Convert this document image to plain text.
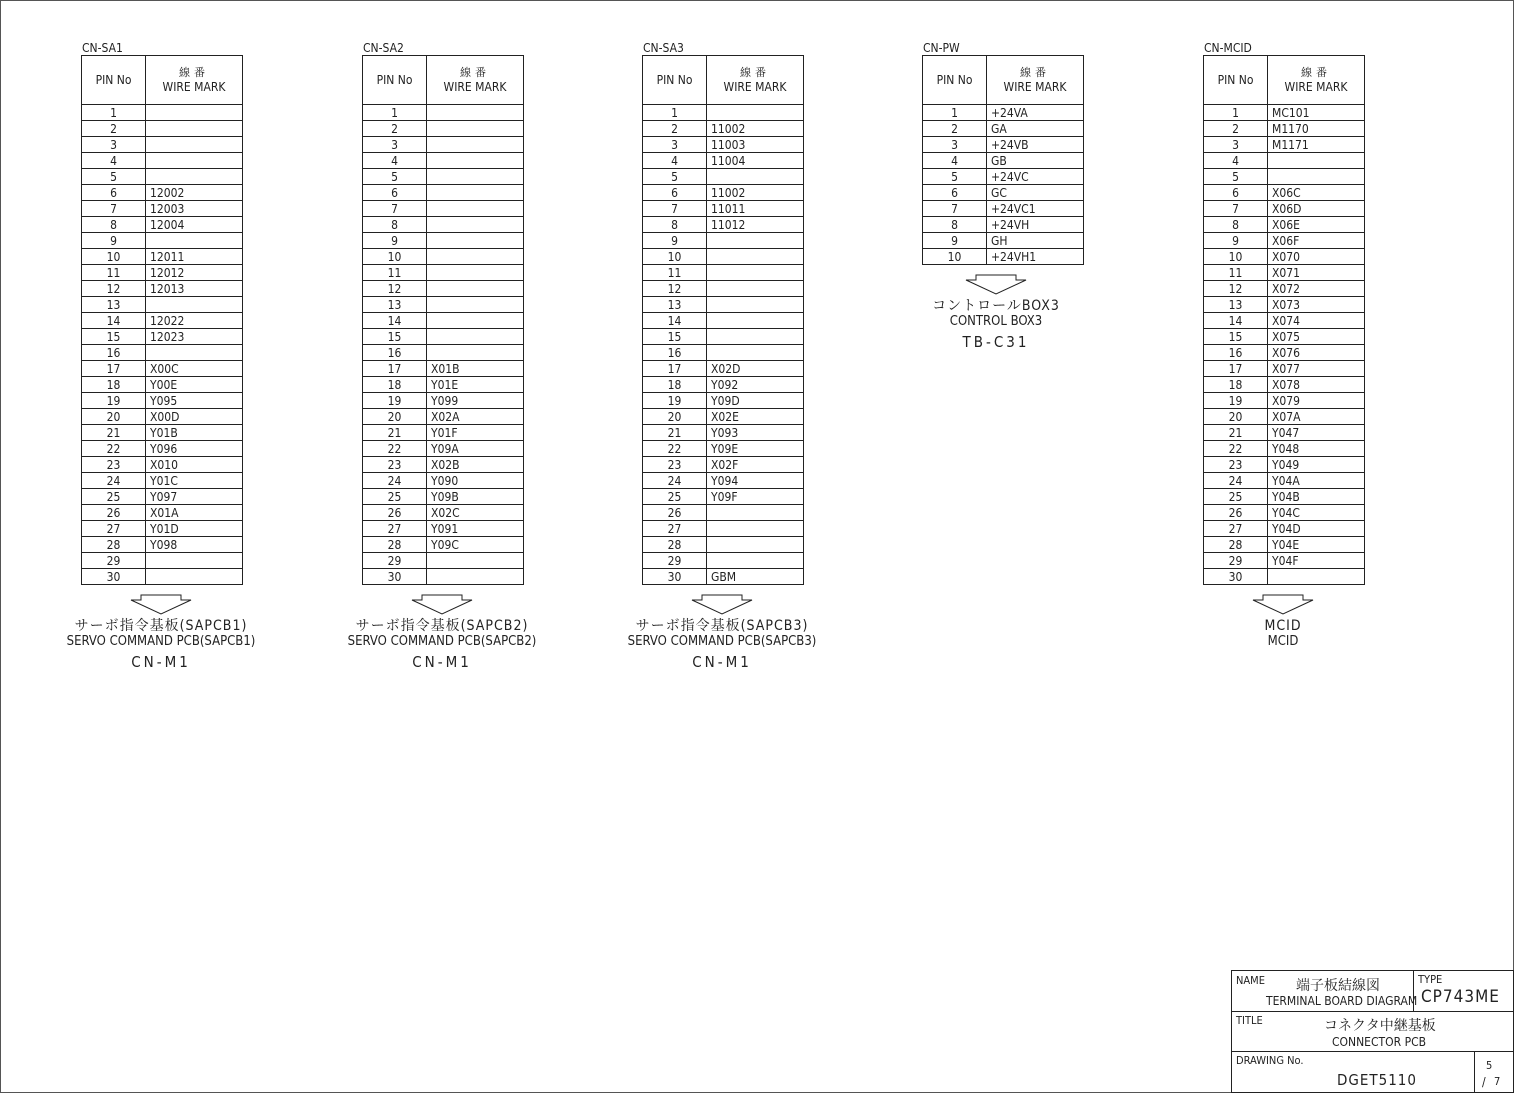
CN-SA1
PIN No	線番
WIRE MARK
1	
2	
3	
4	
5	
6	12002
7	12003
8	12004
9	
10	12011
11	12012
12	12013
13	
14	12022
15	12023
16	
17	X00C
18	Y00E
19	Y095
20	X00D
21	Y01B
22	Y096
23	X010
24	Y01C
25	Y097
26	X01A
27	Y01D
28	Y098
29	
30	
サーボ指令基板(SAPCB1)
SERVO COMMAND PCB(SAPCB1)
CN-M1
CN-SA2
PIN No	線番
WIRE MARK
1	
2	
3	
4	
5	
6	
7	
8	
9	
10	
11	
12	
13	
14	
15	
16	
17	X01B
18	Y01E
19	Y099
20	X02A
21	Y01F
22	Y09A
23	X02B
24	Y090
25	Y09B
26	X02C
27	Y091
28	Y09C
29	
30	
サーボ指令基板(SAPCB2)
SERVO COMMAND PCB(SAPCB2)
CN-M1
CN-SA3
PIN No	線番
WIRE MARK
1	
2	11002
3	11003
4	11004
5	
6	11002
7	11011
8	11012
9	
10	
11	
12	
13	
14	
15	
16	
17	X02D
18	Y092
19	Y09D
20	X02E
21	Y093
22	Y09E
23	X02F
24	Y094
25	Y09F
26	
27	
28	
29	
30	GBM
サーボ指令基板(SAPCB3)
SERVO COMMAND PCB(SAPCB3)
CN-M1
CN-PW
PIN No	線番
WIRE MARK
1	+24VA
2	GA
3	+24VB
4	GB
5	+24VC
6	GC
7	+24VC1
8	+24VH
9	GH
10	+24VH1
コントロールBOX3
CONTROL BOX3
TB-C31
CN-MCID
PIN No	線番
WIRE MARK
1	MC101
2	M1170
3	M1171
4	
5	
6	X06C
7	X06D
8	X06E
9	X06F
10	X070
11	X071
12	X072
13	X073
14	X074
15	X075
16	X076
17	X077
18	X078
19	X079
20	X07A
21	Y047
22	Y048
23	Y049
24	Y04A
25	Y04B
26	Y04C
27	Y04D
28	Y04E
29	Y04F
30	
MCID
MCID
NAME 端子板結線図
TERMINAL BOARD DIAGRAM
TYPE
CP743ME
TITLE	コネクタ中継基板
CONNECTOR PCB
DRAWING No.
DGET5110
5
/ 7
